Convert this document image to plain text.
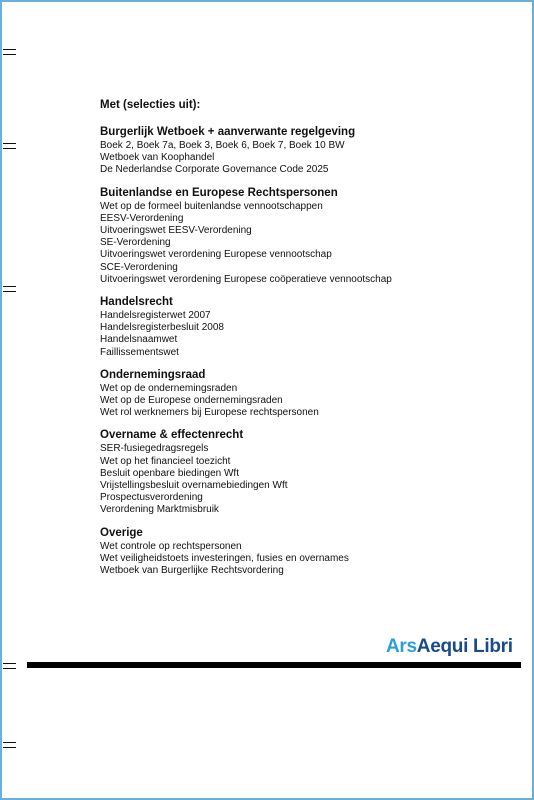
Met (selecties uit):
Burgerlijk Wetboek + aanverwante regelgeving
Boek 2, Boek 7a, Boek 3, Boek 6, Boek 7, Boek 10 BW
Wetboek van Koophandel
De Nederlandse Corporate Governance Code 2025
Buitenlandse en Europese Rechtspersonen
Wet op de formeel buitenlandse vennootschappen
EESV-Verordening
Uitvoeringswet EESV-Verordening
SE-Verordening
Uitvoeringswet verordening Europese vennootschap
SCE-Verordening
Uitvoeringswet verordening Europese coöperatieve vennootschap
Handelsrecht
Handelsregisterwet 2007
Handelsregisterbesluit 2008
Handelsnaamwet
Faillissementswet
Ondernemingsraad
Wet op de ondernemingsraden
Wet op de Europese ondernemingsraden
Wet rol werknemers bij Europese rechtspersonen
Overname & effectenrecht
SER-fusiegedragsregels
Wet op het financieel toezicht
Besluit openbare biedingen Wft
Vrijstellingsbesluit overnamebiedingen Wft
Prospectusverordening
Verordening Marktmisbruik
Overige
Wet controle op rechtspersonen
Wet veiligheidstoets investeringen, fusies en overnames
Wetboek van Burgerlijke Rechtsvordering
ArsAequi Libri
